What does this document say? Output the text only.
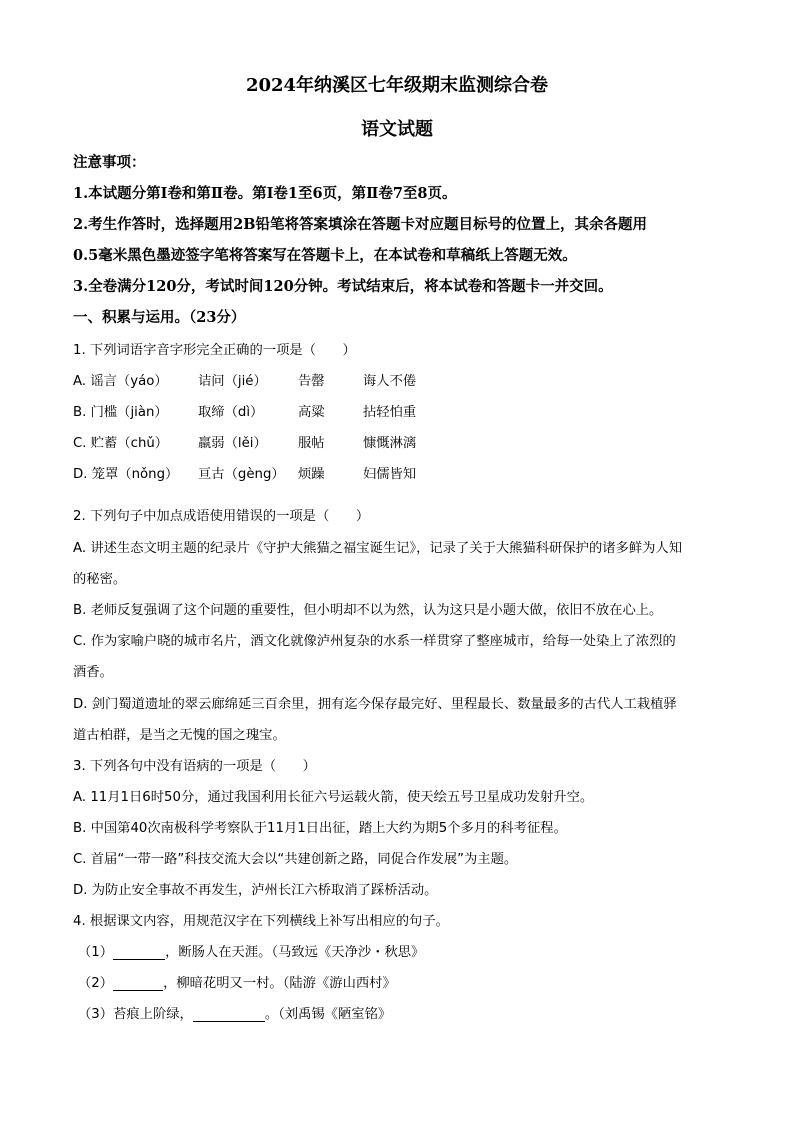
2024年纳溪区七年级期末监测综合卷
语文试题
注意事项：
1.本试题分第Ⅰ卷和第Ⅱ卷。第Ⅰ卷1至6页，第Ⅱ卷7至8页。
2.考生作答时，选择题用2B铅笔将答案填涂在答题卡对应题目标号的位置上，其余各题用
0.5毫米黑色墨迹签字笔将答案写在答题卡上，在本试卷和草稿纸上答题无效。
3.全卷满分120分，考试时间120分钟。考试结束后，将本试卷和答题卡一并交回。
一、积累与运用。（23分）
1. 下列词语字音字形完全正确的一项是（　　）
A. 谣言（yáo） 诘问（jié） 告罄	诲人不倦
B. 门槛（jiàn） 取缔（dì）	高粱	拈轻怕重
C. 贮蓄（chǔ） 羸弱（lěi） 服帖	慷慨淋漓
D. 笼罩（nǒng） 亘古（gèng） 烦躁	妇儒皆知
2. 下列句子中加点成语使用错误的一项是（　　）
A. 讲述生态文明主题的纪录片《守护大熊猫之福宝诞生记》，记录了关于大熊猫科研保护的诸多鲜为人知
的秘密。
B. 老师反复强调了这个问题的重要性，但小明却不以为然，认为这只是小题大做，依旧不放在心上。
C. 作为家喻户晓的城市名片，酒文化就像泸州复杂的水系一样贯穿了整座城市，给每一处染上了浓烈的
酒香。
D. 剑门蜀道遗址的翠云廊绵延三百余里，拥有迄今保存最完好、里程最长、数量最多的古代人工栽植驿
道古柏群，是当之无愧的国之瑰宝。
3. 下列各句中没有语病的一项是（　　）
A. 11月1日6时50分，通过我国利用长征六号运载火箭，使天绘五号卫星成功发射升空。
B. 中国第40次南极科学考察队于11月1日出征，踏上大约为期5个多月的科考征程。
C. 首届“一带一路”科技交流大会以“共建创新之路，同促合作发展”为主题。
D. 为防止安全事故不再发生，泸州长江六桥取消了踩桥活动。
4. 根据课文内容，用规范汉字在下列横线上补写出相应的句子。
（1）	，断肠人在天涯。（马致远《天净沙・秋思》
（2）	，柳暗花明又一村。（陆游《游山西村》
（3）苔痕上阶绿，	。（刘禹锡《陋室铭》
